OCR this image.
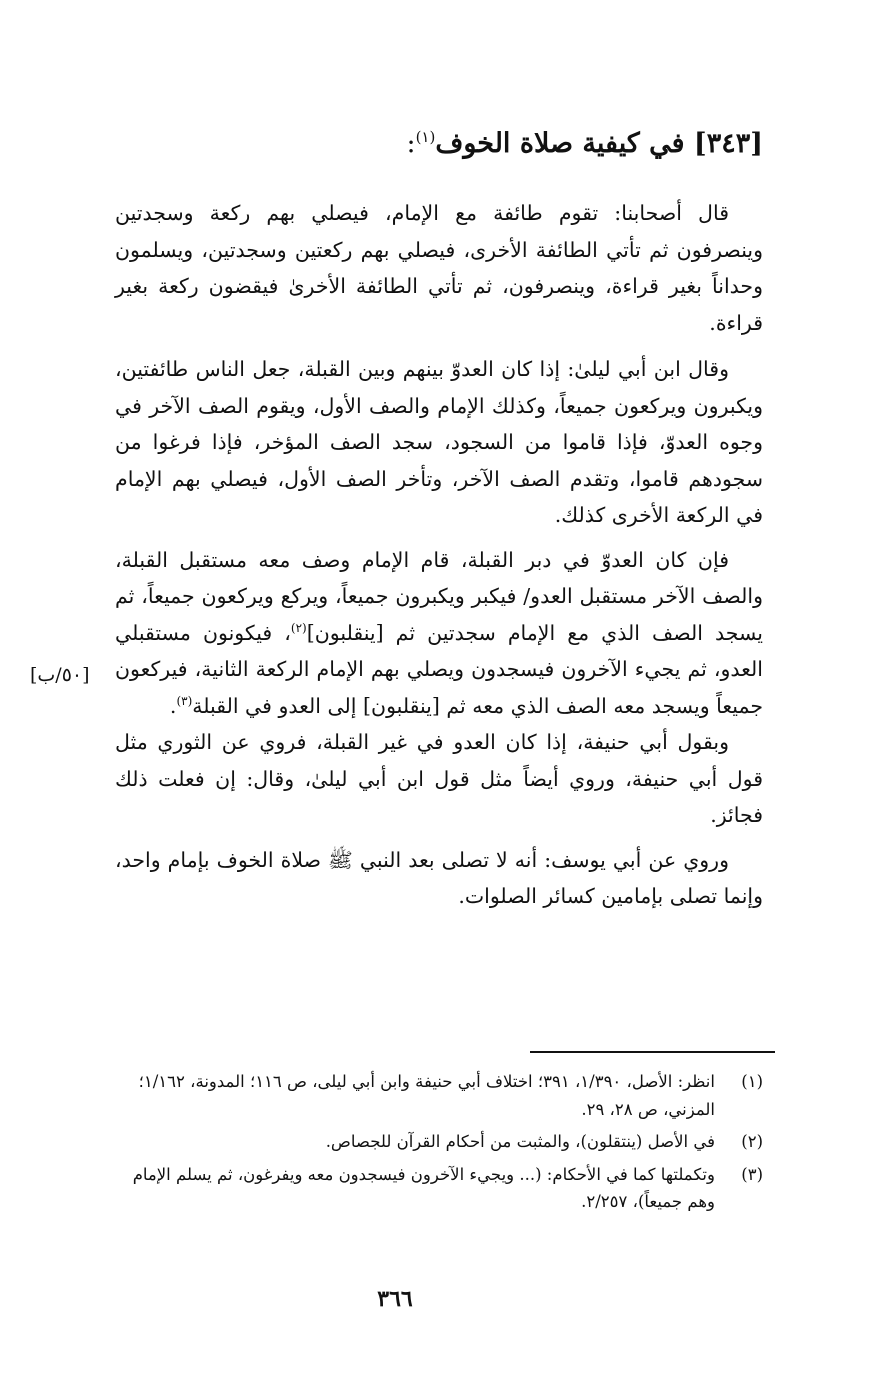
[٣٤٣] في كيفية صلاة الخوف$^{(١)}$:

قال أصحابنا: تقوم طائفة مع الإمام، فيصلي بهم ركعة وسجدتين وينصرفون ثم تأتي الطائفة الأخرى، فيصلي بهم ركعتين وسجدتين، ويسلمون وحداناً بغير قراءة، وينصرفون، ثم تأتي الطائفة الأخرىٰ فيقضون ركعة بغير قراءة.

وقال ابن أبي ليلىٰ: إذا كان العدوّ بينهم وبين القبلة، جعل الناس طائفتين، ويكبرون ويركعون جميعاً، وكذلك الإمام والصف الأول، ويقوم الصف الآخر في وجوه العدوّ، فإذا قاموا من السجود، سجد الصف المؤخر، فإذا فرغوا من سجودهم قاموا، وتقدم الصف الآخر، وتأخر الصف الأول، فيصلي بهم الإمام في الركعة الأخرى كذلك.

فإن كان العدوّ في دبر القبلة، قام الإمام وصف معه مستقبل القبلة، والصف الآخر مستقبل العدو/ فيكبر ويكبرون جميعاً، ويركع ويركعون جميعاً، ثم يسجد الصف الذي مع الإمام سجدتين ثم [ينقلبون]$^{(٢)}$، فيكونون مستقبلي العدو، ثم يجيء الآخرون فيسجدون ويصلي بهم الإمام الركعة الثانية، فيركعون جميعاً ويسجد معه الصف الذي معه ثم [ينقلبون] إلى العدو في القبلة$^{(٣)}$.

وبقول أبي حنيفة، إذا كان العدو في غير القبلة، فروي عن الثوري مثل قول أبي حنيفة، وروي أيضاً مثل قول ابن أبي ليلىٰ، وقال: إن فعلت ذلك فجائز.

وروي عن أبي يوسف: أنه لا تصلى بعد النبي ﷺ صلاة الخوف بإمام واحد، وإنما تصلى بإمامين كسائر الصلوات.

[٥٠/ب]

(١)
انظر: الأصل، ١/٣٩٠، ٣٩١؛ اختلاف أبي حنيفة وابن أبي ليلى، ص ١١٦؛ المدونة، ١/١٦٢؛ المزني، ص ٢٨، ٢٩.

(٢)
في الأصل (ينتقلون)، والمثبت من أحكام القرآن للجصاص.

(٣)
وتكملتها كما في الأحكام: (... ويجيء الآخرون فيسجدون معه ويفرغون، ثم يسلم الإمام وهم جميعاً)، ٢/٢٥٧.

٣٦٦
